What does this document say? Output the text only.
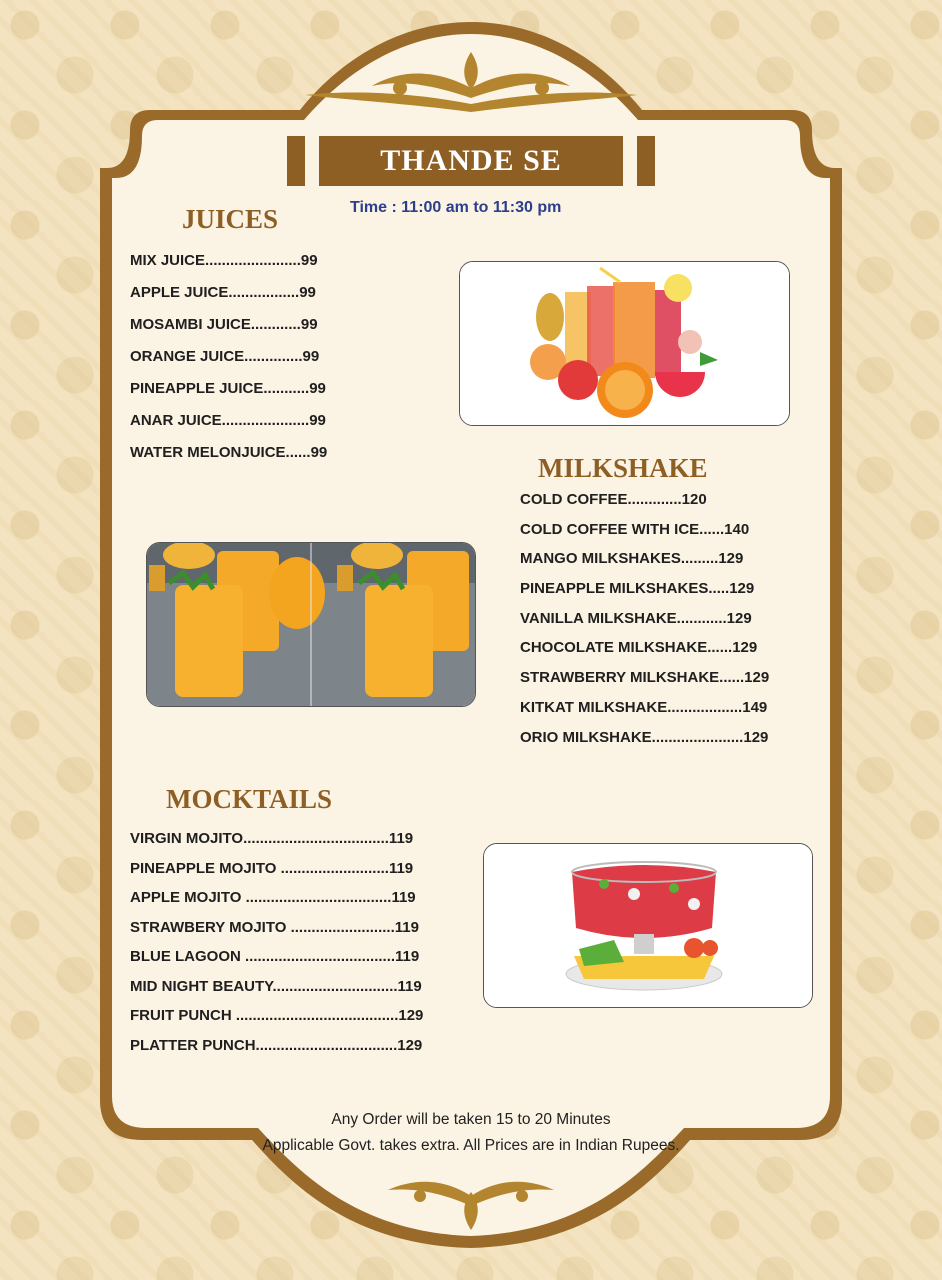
THANDE SE
Time : 11:00 am to 11:30 pm
JUICES
MIX JUICE.......................99
APPLE JUICE.................99
MOSAMBI JUICE............99
ORANGE JUICE..............99
PINEAPPLE JUICE...........99
ANAR JUICE.....................99
WATER MELONJUICE......99
MILKSHAKE
COLD COFFEE.............120
COLD COFFEE WITH ICE......140
MANGO MILKSHAKES.........129
PINEAPPLE MILKSHAKES.....129
VANILLA MILKSHAKE............129
CHOCOLATE MILKSHAKE......129
STRAWBERRY MILKSHAKE......129
KITKAT MILKSHAKE..................149
ORIO MILKSHAKE......................129
MOCKTAILS
VIRGIN MOJITO...................................119
PINEAPPLE MOJITO ..........................119
APPLE MOJITO ...................................119
STRAWBERY MOJITO .........................119
BLUE LAGOON ....................................119
MID NIGHT BEAUTY..............................119
FRUIT PUNCH .......................................129
PLATTER PUNCH..................................129
Any Order will be taken 15 to 20 Minutes
Applicable Govt. takes extra. All Prices are in Indian Rupees.
